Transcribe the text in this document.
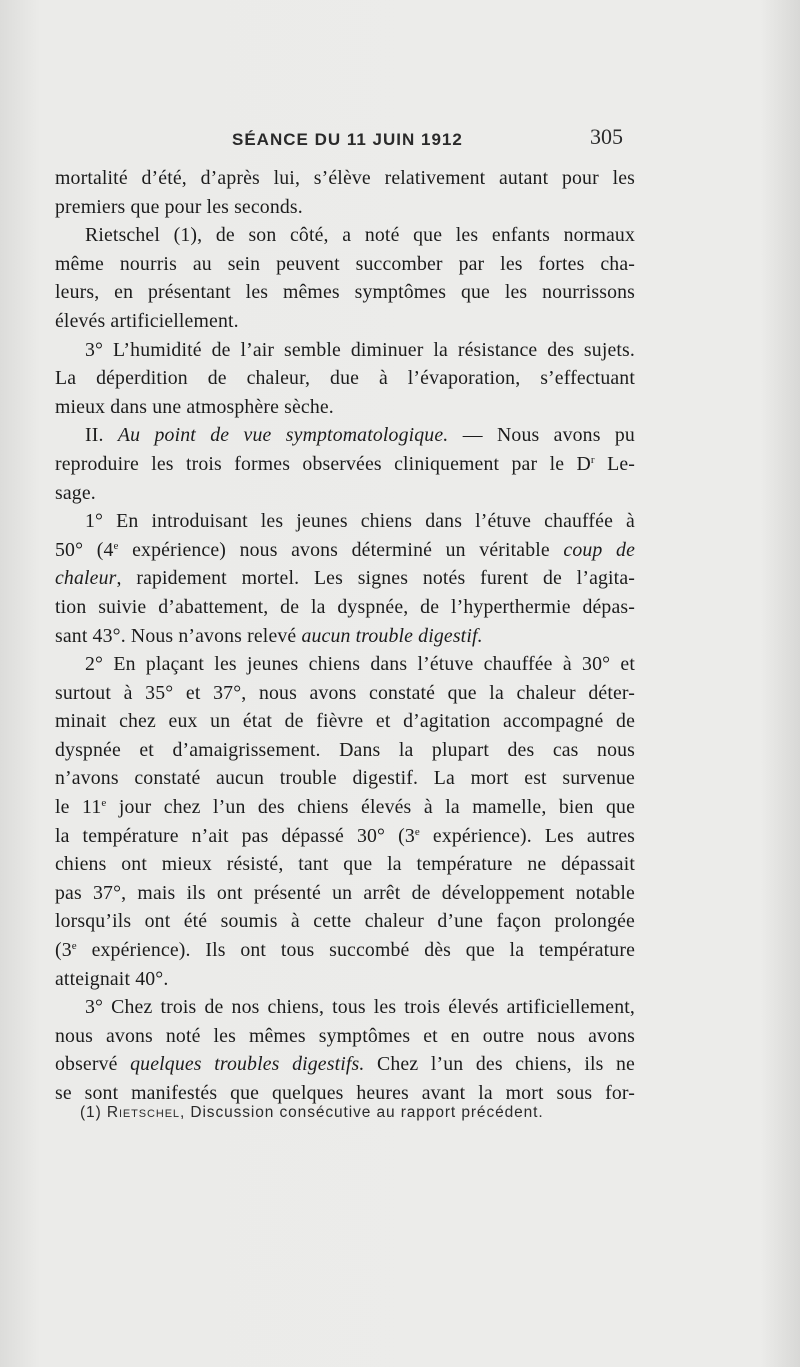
SÉANCE DU 11 JUIN 1912	305
mortalité d’été, d’après lui, s’élève relativement autant pour les
premiers que pour les seconds.
Rietschel (1), de son côté, a noté que les enfants normaux
même nourris au sein peuvent succomber par les fortes cha-
leurs, en présentant les mêmes symptômes que les nourrissons
élevés artificiellement.
3° L’humidité de l’air semble diminuer la résistance des sujets.
La déperdition de chaleur, due à l’évaporation, s’effectuant
mieux dans une atmosphère sèche.
II. Au point de vue symptomatologique. — Nous avons pu
reproduire les trois formes observées cliniquement par le $D^r$ Le-
sage.
1° En introduisant les jeunes chiens dans l’étuve chauffée à
50° (4e expérience) nous avons déterminé un véritable coup de
chaleur, rapidement mortel. Les signes notés furent de l’agita-
tion suivie d’abattement, de la dyspnée, de l’hyperthermie dépas-
sant 43°. Nous n’avons relevé aucun trouble digestif.
2° En plaçant les jeunes chiens dans l’étuve chauffée à 30° et
surtout à 35° et 37°, nous avons constaté que la chaleur déter-
minait chez eux un état de fièvre et d’agitation accompagné de
dyspnée et d’amaigrissement. Dans la plupart des cas nous
n’avons constaté aucun trouble digestif. La mort est survenue
le 11e jour chez l’un des chiens élevés à la mamelle, bien que
la température n’ait pas dépassé 30° (3e expérience). Les autres
chiens ont mieux résisté, tant que la température ne dépassait
pas 37°, mais ils ont présenté un arrêt de développement notable
lorsqu’ils ont été soumis à cette chaleur d’une façon prolongée
(3e expérience). Ils ont tous succombé dès que la température
atteignait 40°.
3° Chez trois de nos chiens, tous les trois élevés artificiellement,
nous avons noté les mêmes symptômes et en outre nous avons
observé quelques troubles digestifs. Chez l’un des chiens, ils ne
se sont manifestés que quelques heures avant la mort sous for-
(1) Rietschel, Discussion consécutive au rapport précédent.
